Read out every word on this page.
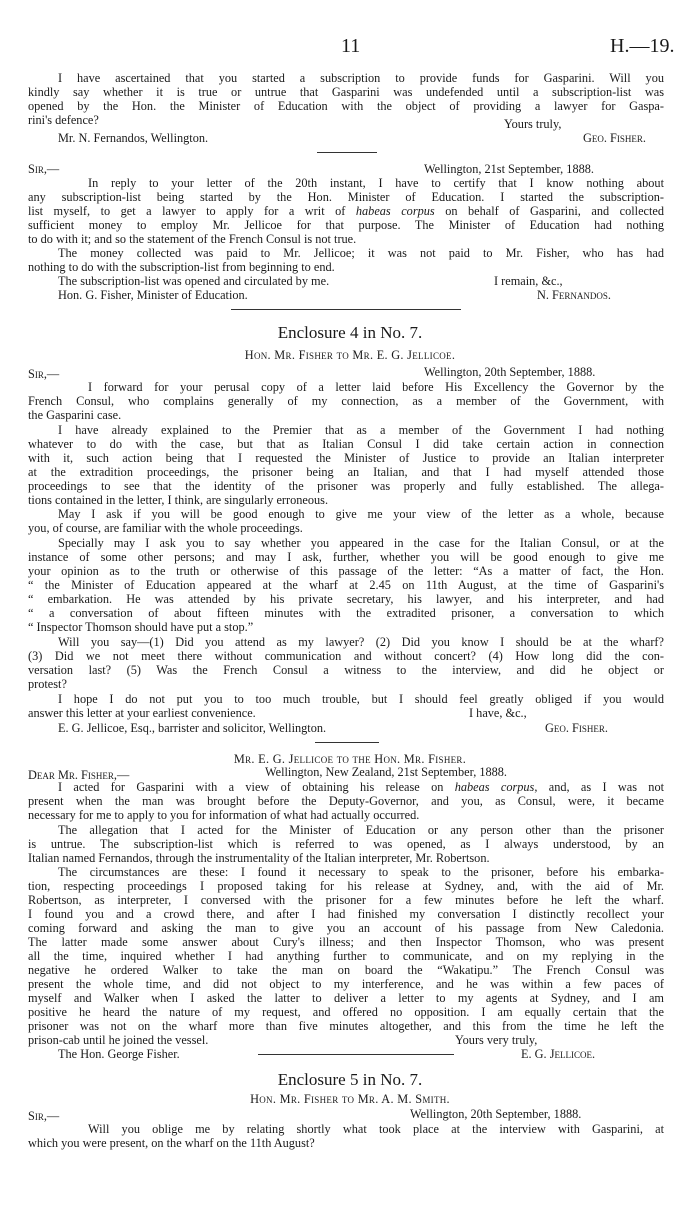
11	H.—19.
I have ascertained that you started a subscription to provide funds for Gasparini. Will you
kindly say whether it is true or untrue that Gasparini was undefended until a subscription-list was
opened by the Hon. the Minister of Education with the object of providing a lawyer for Gaspa-
rini's defence?	Yours truly,
Mr. N. Fernandos, Wellington.	Geo. Fisher.
Sir,—	Wellington, 21st September, 1888.
In reply to your letter of the 20th instant, I have to certify that I know nothing about
any subscription-list being started by the Hon. Minister of Education. I started the subscription-
list myself, to get a lawyer to apply for a writ of habeas corpus on behalf of Gasparini, and collected
sufficient money to employ Mr. Jellicoe for that purpose. The Minister of Education had nothing
to do with it; and so the statement of the French Consul is not true.
The money collected was paid to Mr. Jellicoe; it was not paid to Mr. Fisher, who has had
nothing to do with the subscription-list from beginning to end.
The subscription-list was opened and circulated by me.	I remain, &c.,
Hon. G. Fisher, Minister of Education.	N. Fernandos.
Enclosure 4 in No. 7.
Hon. Mr. Fisher to Mr. E. G. Jellicoe.
Sir,—	Wellington, 20th September, 1888.
I forward for your perusal copy of a letter laid before His Excellency the Governor by the
French Consul, who complains generally of my connection, as a member of the Government, with
the Gasparini case.
I have already explained to the Premier that as a member of the Government I had nothing
whatever to do with the case, but that as Italian Consul I did take certain action in connection
with it, such action being that I requested the Minister of Justice to provide an Italian interpreter
at the extradition proceedings, the prisoner being an Italian, and that I had myself attended those
proceedings to see that the identity of the prisoner was properly and fully established. The allega-
tions contained in the letter, I think, are singularly erroneous.
May I ask if you will be good enough to give me your view of the letter as a whole, because
you, of course, are familiar with the whole proceedings.
Specially may I ask you to say whether you appeared in the case for the Italian Consul, or at the
instance of some other persons; and may I ask, further, whether you will be good enough to give me
your opinion as to the truth or otherwise of this passage of the letter: “As a matter of fact, the Hon.
“ the Minister of Education appeared at the wharf at 2.45 on 11th August, at the time of Gasparini's
“ embarkation. He was attended by his private secretary, his lawyer, and his interpreter, and had
“ a conversation of about fifteen minutes with the extradited prisoner, a conversation to which
“ Inspector Thomson should have put a stop.”
Will you say—(1) Did you attend as my lawyer? (2) Did you know I should be at the wharf?
(3) Did we not meet there without communication and without concert? (4) How long did the con-
versation last? (5) Was the French Consul a witness to the interview, and did he object or
protest?
I hope I do not put you to too much trouble, but I should feel greatly obliged if you would
answer this letter at your earliest convenience.	I have, &c.,
E. G. Jellicoe, Esq., barrister and solicitor, Wellington.	Geo. Fisher.
Mr. E. G. Jellicoe to the Hon. Mr. Fisher.
Dear Mr. Fisher,—	Wellington, New Zealand, 21st September, 1888.
I acted for Gasparini with a view of obtaining his release on habeas corpus, and, as I was not
present when the man was brought before the Deputy-Governor, and you, as Consul, were, it became
necessary for me to apply to you for information of what had actually occurred.
The allegation that I acted for the Minister of Education or any person other than the prisoner
is untrue. The subscription-list which is referred to was opened, as I always understood, by an
Italian named Fernandos, through the instrumentality of the Italian interpreter, Mr. Robertson.
The circumstances are these: I found it necessary to speak to the prisoner, before his embarka-
tion, respecting proceedings I proposed taking for his release at Sydney, and, with the aid of Mr.
Robertson, as interpreter, I conversed with the prisoner for a few minutes before he left the wharf.
I found you and a crowd there, and after I had finished my conversation I distinctly recollect your
coming forward and asking the man to give you an account of his passage from New Caledonia.
The latter made some answer about Cury's illness; and then Inspector Thomson, who was present
all the time, inquired whether I had anything further to communicate, and on my replying in the
negative he ordered Walker to take the man on board the “Wakatipu.” The French Consul was
present the whole time, and did not object to my interference, and he was within a few paces of
myself and Walker when I asked the latter to deliver a letter to my agents at Sydney, and I am
positive he heard the nature of my request, and offered no opposition. I am equally certain that the
prisoner was not on the wharf more than five minutes altogether, and this from the time he left the
prison-cab until he joined the vessel.	Yours very truly,
The Hon. George Fisher.	E. G. Jellicoe.
Enclosure 5 in No. 7.
Hon. Mr. Fisher to Mr. A. M. Smith.
Sir,—	Wellington, 20th September, 1888.
Will you oblige me by relating shortly what took place at the interview with Gasparini, at
which you were present, on the wharf on the 11th August?
